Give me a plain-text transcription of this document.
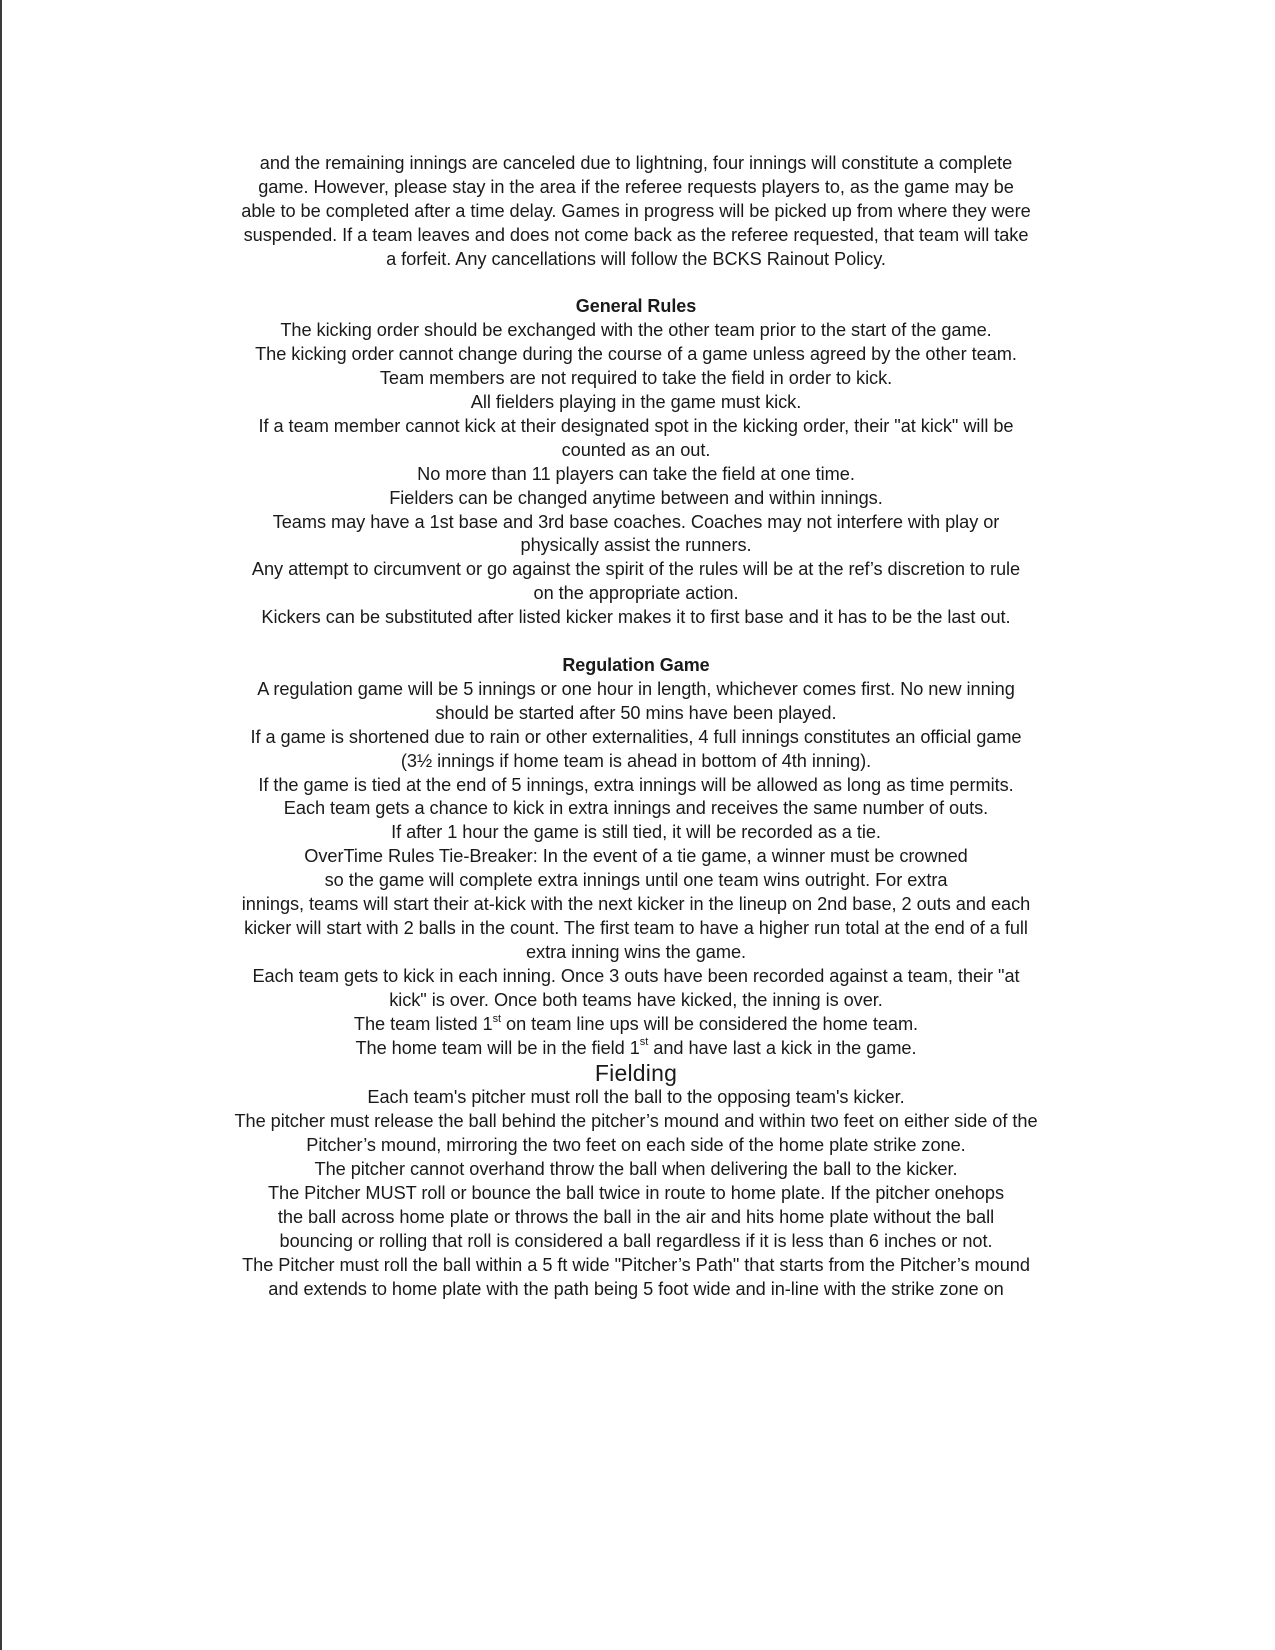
and the remaining innings are canceled due to lightning, four innings will constitute a complete

game. However, please stay in the area if the referee requests players to, as the game may be

able to be completed after a time delay. Games in progress will be picked up from where they were

suspended. If a team leaves and does not come back as the referee requested, that team will take

a forfeit. Any cancellations will follow the BCKS Rainout Policy.

General Rules

The kicking order should be exchanged with the other team prior to the start of the game.

The kicking order cannot change during the course of a game unless agreed by the other team.

Team members are not required to take the field in order to kick.

All fielders playing in the game must kick.

If a team member cannot kick at their designated spot in the kicking order, their "at kick" will be

counted as an out.

No more than 11 players can take the field at one time.

Fielders can be changed anytime between and within innings.

Teams may have a 1st base and 3rd base coaches. Coaches may not interfere with play or

physically assist the runners.

Any attempt to circumvent or go against the spirit of the rules will be at the ref’s discretion to rule

on the appropriate action.

Kickers can be substituted after listed kicker makes it to first base and it has to be the last out.

Regulation Game

A regulation game will be 5 innings or one hour in length, whichever comes first. No new inning

should be started after 50 mins have been played.

If a game is shortened due to rain or other externalities, 4 full innings constitutes an official game

(3½ innings if home team is ahead in bottom of 4th inning).

If the game is tied at the end of 5 innings, extra innings will be allowed as long as time permits.

Each team gets a chance to kick in extra innings and receives the same number of outs.

If after 1 hour the game is still tied, it will be recorded as a tie.

OverTime Rules Tie-Breaker: In the event of a tie game, a winner must be crowned

so the game will complete extra innings until one team wins outright. For extra

innings, teams will start their at-kick with the next kicker in the lineup on 2nd base, 2 outs and each

kicker will start with 2 balls in the count. The first team to have a higher run total at the end of a full

extra inning wins the game.

Each team gets to kick in each inning. Once 3 outs have been recorded against a team, their "at

kick" is over. Once both teams have kicked, the inning is over.

The team listed 1st on team line ups will be considered the home team.

The home team will be in the field 1st and have last a kick in the game.

Fielding

Each team's pitcher must roll the ball to the opposing team's kicker.

The pitcher must release the ball behind the pitcher’s mound and within two feet on either side of the

Pitcher’s mound, mirroring the two feet on each side of the home plate strike zone.

The pitcher cannot overhand throw the ball when delivering the ball to the kicker.

The Pitcher MUST roll or bounce the ball twice in route to home plate. If the pitcher onehops

the ball across home plate or throws the ball in the air and hits home plate without the ball

bouncing or rolling that roll is considered a ball regardless if it is less than 6 inches or not.

The Pitcher must roll the ball within a 5 ft wide "Pitcher’s Path" that starts from the Pitcher’s mound

and extends to home plate with the path being 5 foot wide and in-line with the strike zone on
